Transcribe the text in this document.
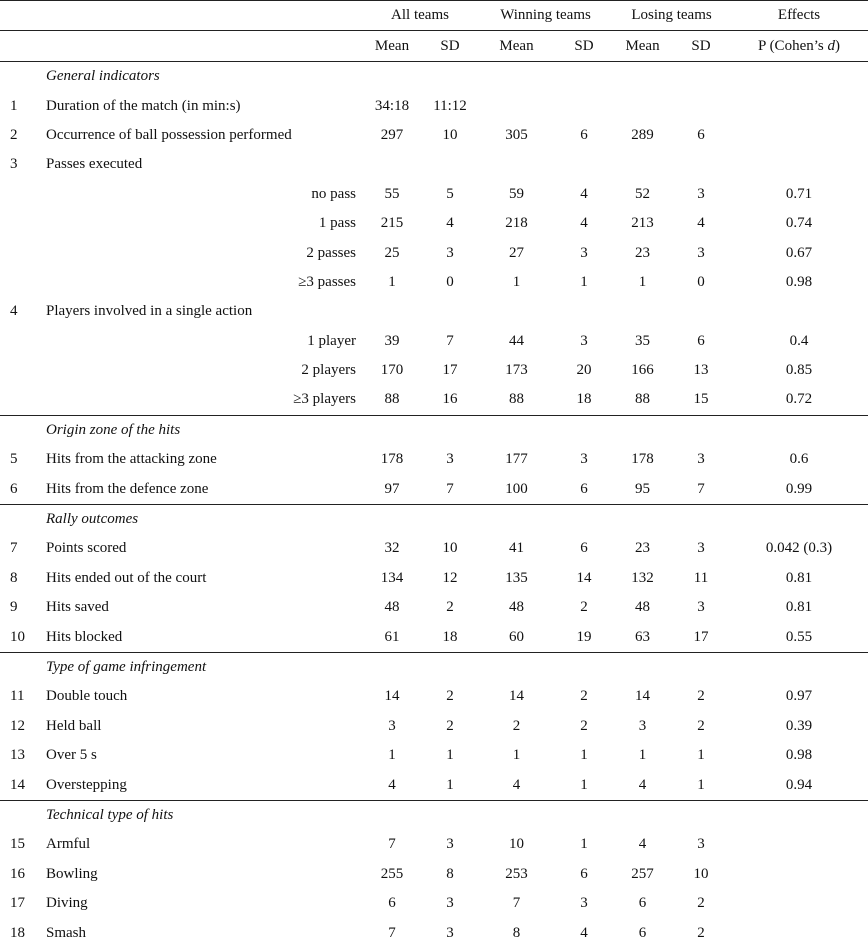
		All teams		Winning teams		Losing teams		Effects
		Mean	SD	Mean	SD	Mean	SD	P (Cohen’s d)
	General indicators							
1	Duration of the match (in min:s)	34:18	11:12					
2	Occurrence of ball possession performed	297	10	305	6	289	6	
3	Passes executed							
	no pass	55	5	59	4	52	3	0.71
	1 pass	215	4	218	4	213	4	0.74
	2 passes	25	3	27	3	23	3	0.67
	≥3 passes	1	0	1	1	1	0	0.98
4	Players involved in a single action							
	1 player	39	7	44	3	35	6	0.4
	2 players	170	17	173	20	166	13	0.85
	≥3 players	88	16	88	18	88	15	0.72
	Origin zone of the hits							
5	Hits from the attacking zone	178	3	177	3	178	3	0.6
6	Hits from the defence zone	97	7	100	6	95	7	0.99
	Rally outcomes							
7	Points scored	32	10	41	6	23	3	0.042 (0.3)
8	Hits ended out of the court	134	12	135	14	132	11	0.81
9	Hits saved	48	2	48	2	48	3	0.81
10	Hits blocked	61	18	60	19	63	17	0.55
	Type of game infringement							
11	Double touch	14	2	14	2	14	2	0.97
12	Held ball	3	2	2	2	3	2	0.39
13	Over 5 s	1	1	1	1	1	1	0.98
14	Overstepping	4	1	4	1	4	1	0.94
	Technical type of hits							
15	Armful	7	3	10	1	4	3	
16	Bowling	255	8	253	6	257	10	
17	Diving	6	3	7	3	6	2	
18	Smash	7	3	8	4	6	2	
